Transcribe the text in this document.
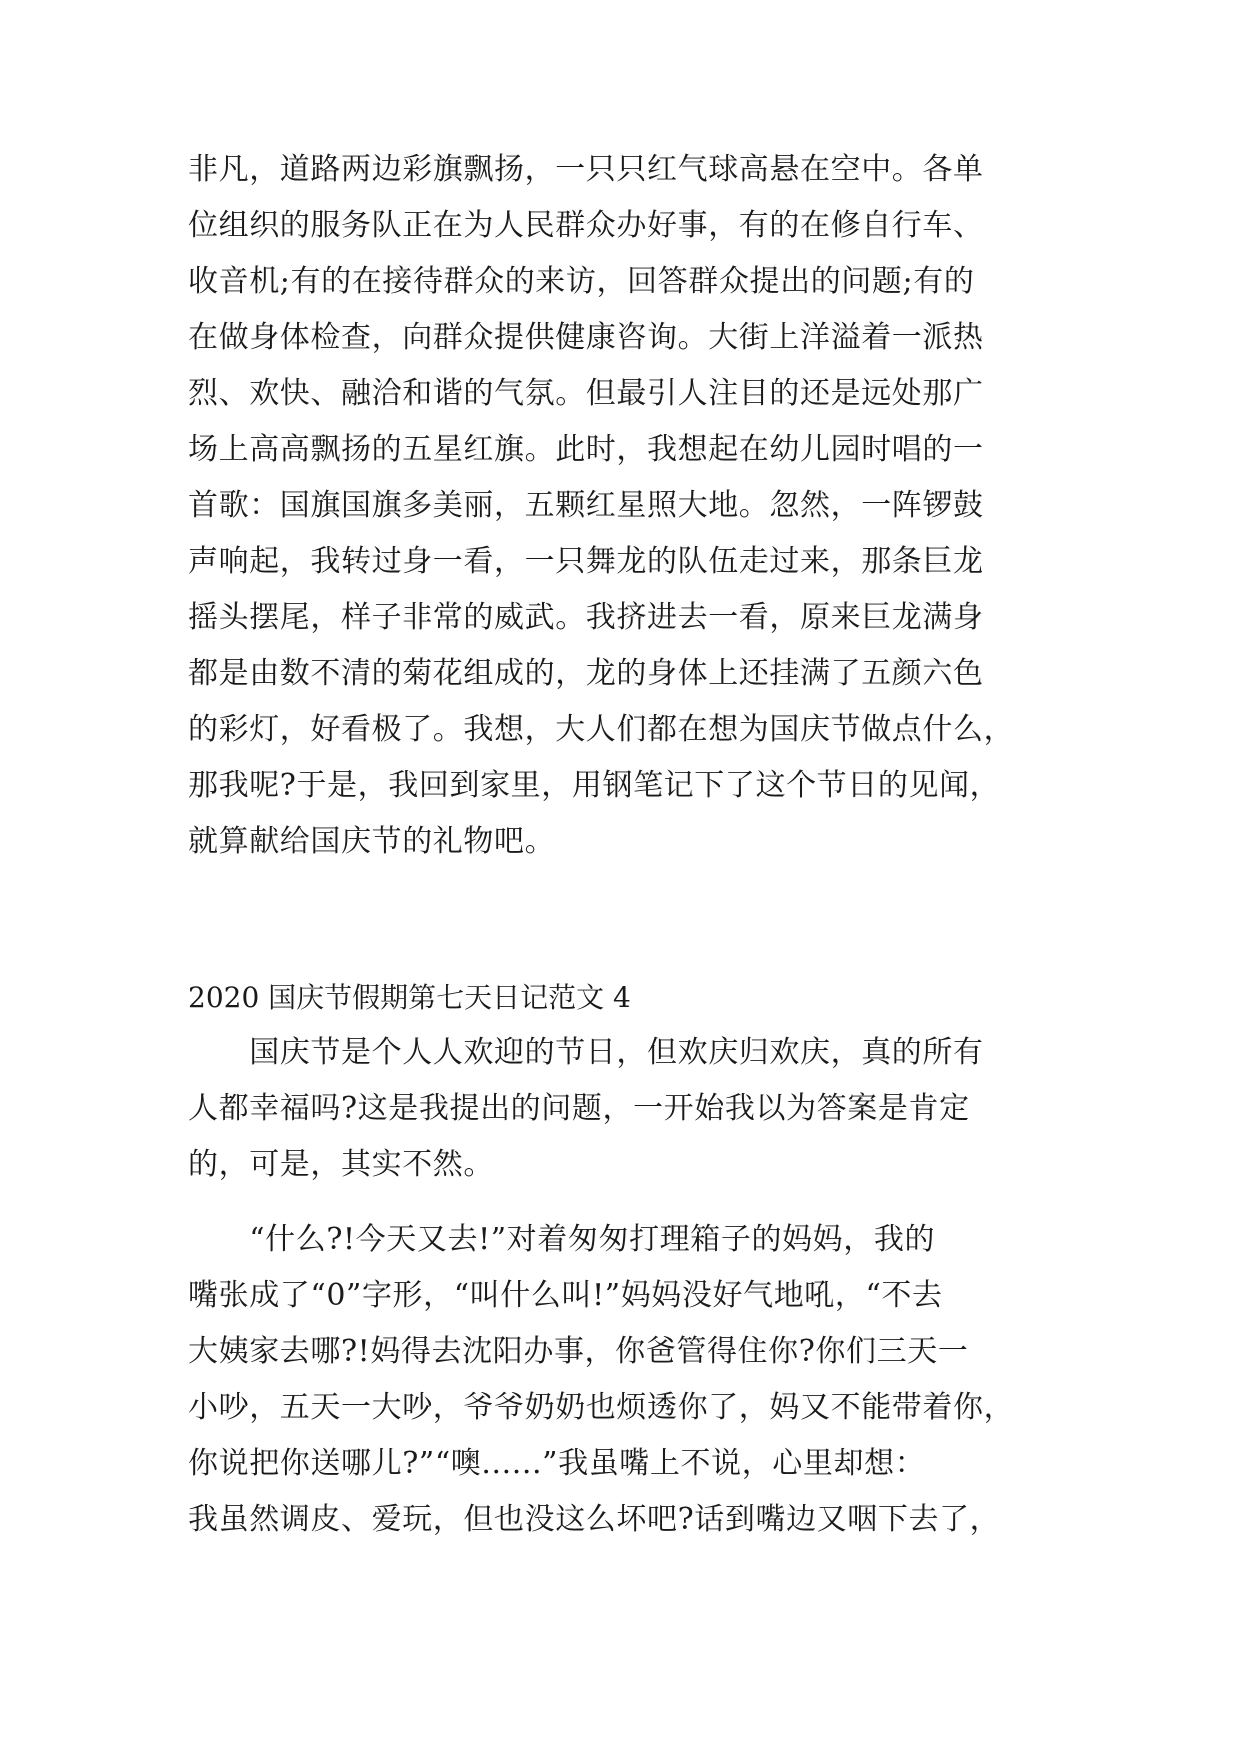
非凡，道路两边彩旗飘扬，一只只红气球高悬在空中。各单
位组织的服务队正在为人民群众办好事，有的在修自行车、
收音机;有的在接待群众的来访，回答群众提出的问题;有的
在做身体检查，向群众提供健康咨询。大街上洋溢着一派热
烈、欢快、融洽和谐的气氛。但最引人注目的还是远处那广
场上高高飘扬的五星红旗。此时，我想起在幼儿园时唱的一
首歌：国旗国旗多美丽，五颗红星照大地。忽然，一阵锣鼓
声响起，我转过身一看，一只舞龙的队伍走过来，那条巨龙
摇头摆尾，样子非常的威武。我挤进去一看，原来巨龙满身
都是由数不清的菊花组成的，龙的身体上还挂满了五颜六色
的彩灯，好看极了。我想，大人们都在想为国庆节做点什么，
那我呢?于是，我回到家里，用钢笔记下了这个节日的见闻，
就算献给国庆节的礼物吧。
2020 国庆节假期第七天日记范文 4
　　国庆节是个人人欢迎的节日，但欢庆归欢庆，真的所有
人都幸福吗?这是我提出的问题，一开始我以为答案是肯定
的，可是，其实不然。
　　“什么?!今天又去!”对着匆匆打理箱子的妈妈，我的
嘴张成了“0”字形，“叫什么叫!”妈妈没好气地吼，“不去
大姨家去哪?!妈得去沈阳办事，你爸管得住你?你们三天一
小吵，五天一大吵，爷爷奶奶也烦透你了，妈又不能带着你，
你说把你送哪儿?”“噢......”我虽嘴上不说，心里却想：
我虽然调皮、爱玩，但也没这么坏吧?话到嘴边又咽下去了，
